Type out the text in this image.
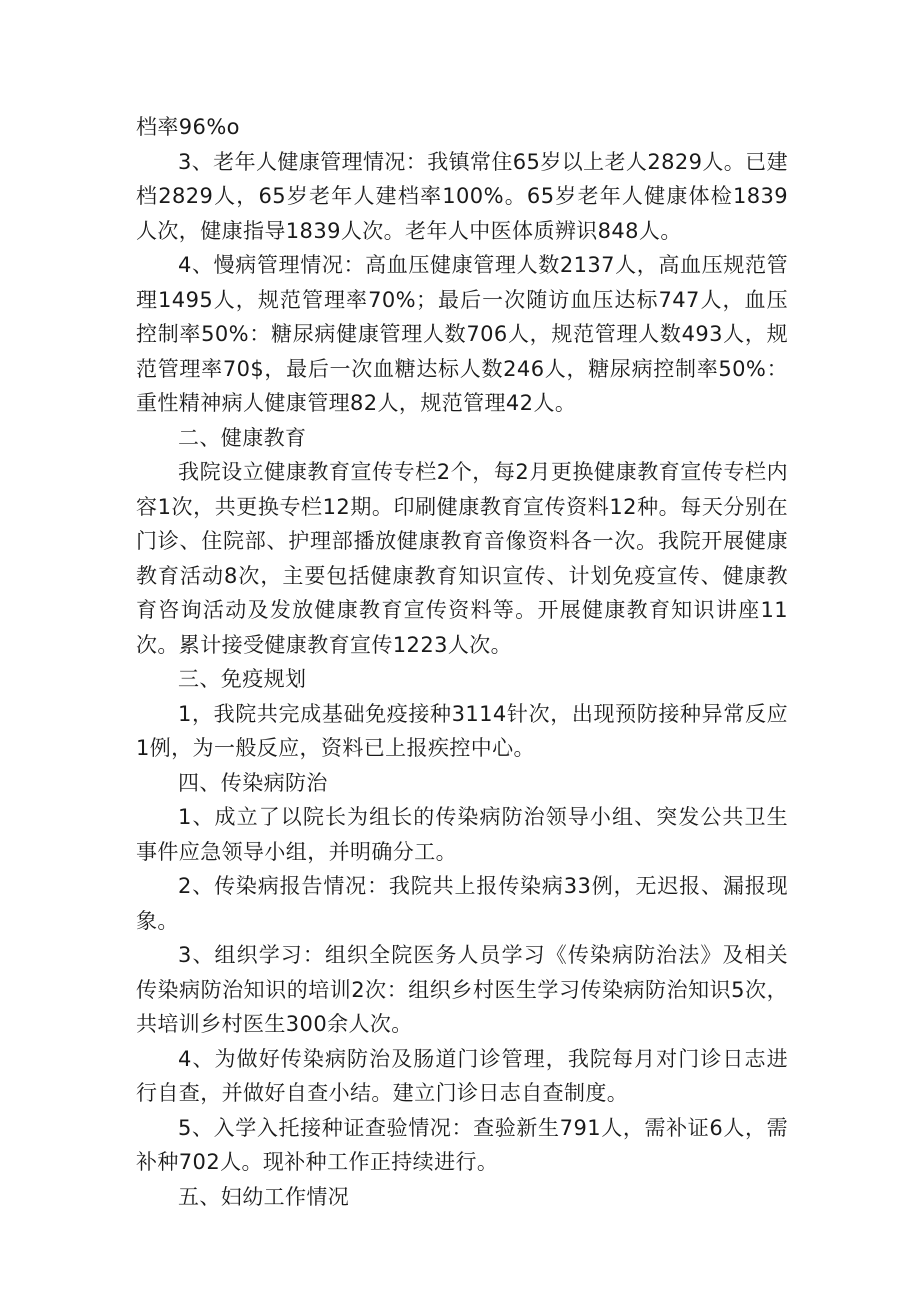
档率96%o

3、老年人健康管理情况：我镇常住65岁以上老人2829人。已建档2829人，65岁老年人建档率100%。65岁老年人健康体检1839人次，健康指导1839人次。老年人中医体质辨识848人。

4、慢病管理情况：高血压健康管理人数2137人，高血压规范管理1495人，规范管理率70%；最后一次随访血压达标747人，血压控制率50%：糖尿病健康管理人数706人，规范管理人数493人，规范管理率70$，最后一次血糖达标人数246人，糖尿病控制率50%：重性精神病人健康管理82人，规范管理42人。

二、健康教育

我院设立健康教育宣传专栏2个，每2月更换健康教育宣传专栏内容1次，共更换专栏12期。印刷健康教育宣传资料12种。每天分别在门诊、住院部、护理部播放健康教育音像资料各一次。我院开展健康教育活动8次，主要包括健康教育知识宣传、计划免疫宣传、健康教育咨询活动及发放健康教育宣传资料等。开展健康教育知识讲座11次。累计接受健康教育宣传1223人次。

三、免疫规划

1，我院共完成基础免疫接种3114针次，出现预防接种异常反应1例，为一般反应，资料已上报疾控中心。

四、传染病防治

1、成立了以院长为组长的传染病防治领导小组、突发公共卫生事件应急领导小组，并明确分工。

2、传染病报告情况：我院共上报传染病33例，无迟报、漏报现象。

3、组织学习：组织全院医务人员学习《传染病防治法》及相关传染病防治知识的培训2次：组织乡村医生学习传染病防治知识5次，共培训乡村医生300余人次。

4、为做好传染病防治及肠道门诊管理，我院每月对门诊日志进行自查，并做好自查小结。建立门诊日志自查制度。

5、入学入托接种证查验情况：查验新生791人，需补证6人，需补种702人。现补种工作正持续进行。

五、妇幼工作情况
